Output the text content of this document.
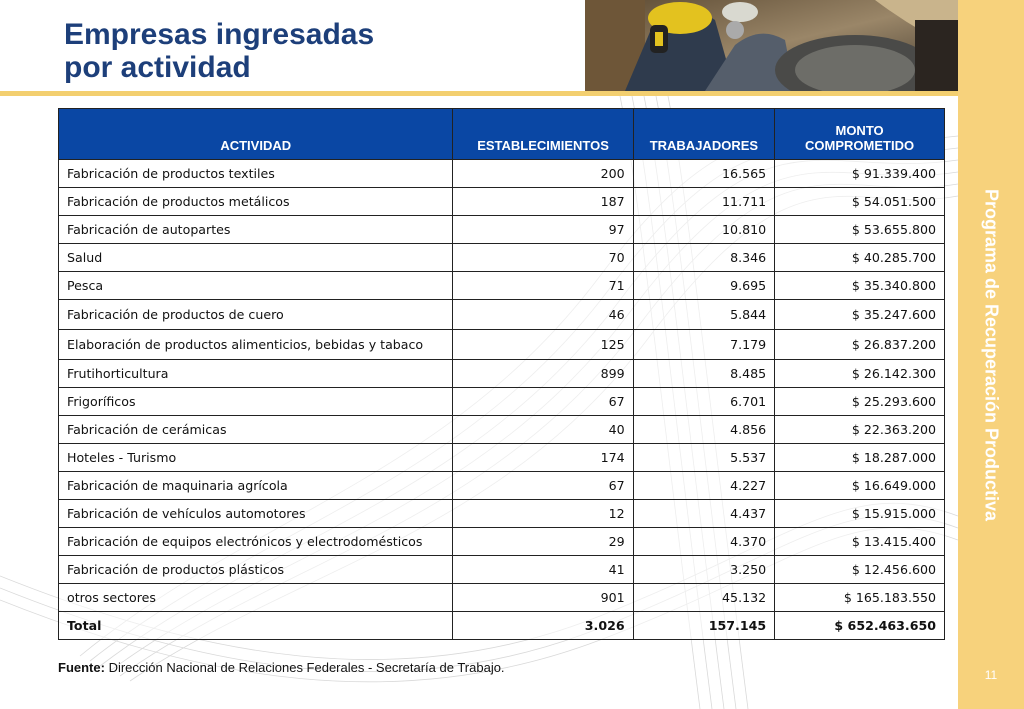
Empresas ingresadas
por actividad
Programa de Recuperación Productiva
11
ACTIVIDAD	ESTABLECIMIENTOS	TRABAJADORES	MONTO
COMPROMETIDO
Fabricación de productos textiles	200	16.565	$ 91.339.400
Fabricación de productos metálicos	187	11.711	$ 54.051.500
Fabricación de autopartes	97	10.810	$ 53.655.800
Salud	70	8.346	$ 40.285.700
Pesca	71	9.695	$ 35.340.800
Fabricación de productos de cuero	46	5.844	$ 35.247.600
Elaboración de productos alimenticios, bebidas y tabaco	125	7.179	$ 26.837.200
Frutihorticultura	899	8.485	$ 26.142.300
Frigoríficos	67	6.701	$ 25.293.600
Fabricación de cerámicas	40	4.856	$ 22.363.200
Hoteles - Turismo	174	5.537	$ 18.287.000
Fabricación de maquinaria agrícola	67	4.227	$ 16.649.000
Fabricación de vehículos automotores	12	4.437	$ 15.915.000
Fabricación de equipos electrónicos y electrodomésticos	29	4.370	$ 13.415.400
Fabricación de productos plásticos	41	3.250	$ 12.456.600
otros sectores	901	45.132	$ 165.183.550
Total	3.026	157.145	$ 652.463.650
Fuente: Dirección Nacional de Relaciones Federales - Secretaría de Trabajo.
